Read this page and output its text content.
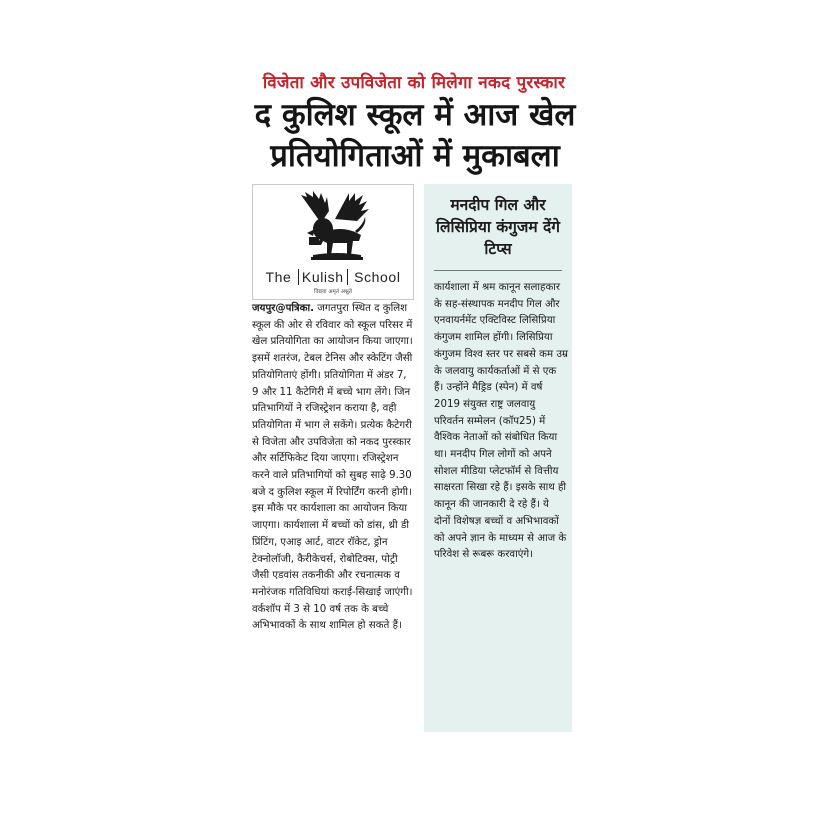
विजेता और उपविजेता को मिलेगा नकद पुरस्कार
द कुलिश स्कूल में आज खेल प्रतियोगिताओं में मुकाबला
The Kulish School
विद्यया अमृतं अश्नुते

जयपुर@पत्रिका. जगतपुरा स्थित द कुलिश स्कूल की ओर से रविवार को स्कूल परिसर में खेल प्रतियोगिता का आयोजन किया जाएगा। इसमें शतरंज, टेबल टेनिस और स्केटिंग जैसी प्रतियोगिताएं होंगी। प्रतियोगिता में अंडर 7, 9 और 11 कैटेगिरी में बच्चे भाग लेंगे। जिन प्रतिभागियों ने रजिस्ट्रेशन कराया है, वही प्रतियोगिता में भाग ले सकेंगे। प्रत्येक कैटेगरी से विजेता और उपविजेता को नकद पुरस्कार और सर्टिफिकेट दिया जाएगा। रजिस्ट्रेशन करने वाले प्रतिभागियों को सुबह साढ़े 9.30 बजे द कुलिश स्कूल में रिपोर्टिंग करनी होगी। इस मौके पर कार्यशाला का आयोजन किया जाएगा। कार्यशाला में बच्चों को डांस, थ्री डी प्रिंटिंग, एआइ आर्ट, वाटर रॉकेट, ड्रोन टेक्नोलॉजी, कैरीकेचर्स, रोबोटिक्स, पोट्री जैसी एडवांस तकनीकी और रचनात्मक व मनोरंजक गतिविधियां कराई-सिखाई जाएंगी। वर्कशॉप में 3 से 10 वर्ष तक के बच्चे अभिभावकों के साथ शामिल हो सकते हैं।

मनदीप गिल और लिसिप्रिया कंगुजम देंगे टिप्स

कार्यशाला में श्रम कानून सलाहकार के सह-संस्थापक मनदीप गिल और एनवायर्नमेंट एक्टिविस्ट लिसिप्रिया कंगुजम शामिल होंगी। लिसिप्रिया कंगुजम विश्व स्तर पर सबसे कम उम्र के जलवायु कार्यकर्ताओं में से एक हैं। उन्होंने मैड्रिड (स्पेन) में वर्ष 2019 संयुक्त राष्ट्र जलवायु परिवर्तन सम्मेलन (कॉप25) में वैश्विक नेताओं को संबोधित किया था। मनदीप गिल लोगों को अपने सोशल मीडिया प्लेटफॉर्म से वित्तीय साक्षरता सिखा रहे हैं। इसके साथ ही कानून की जानकारी दे रहे हैं। ये दोनों विशेषज्ञ बच्चों व अभिभावकों को अपने ज्ञान के माध्यम से आज के परिवेश से रूबरू करवाएंगे।
